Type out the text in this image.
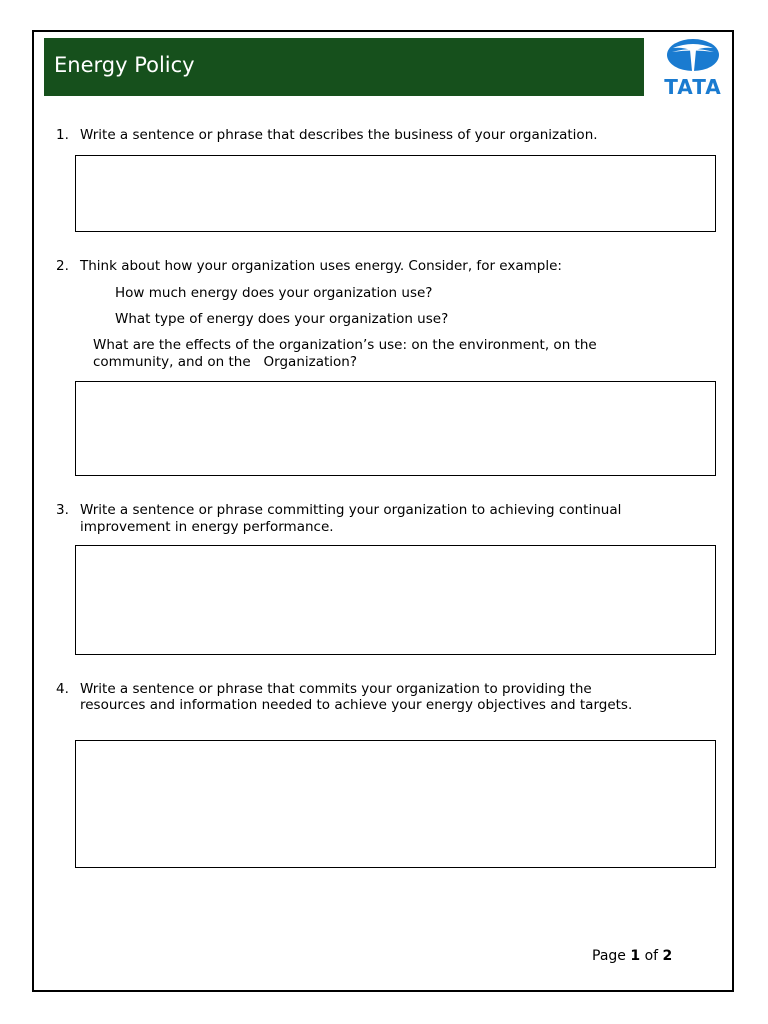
Energy Policy
TATA
1. Write a sentence or phrase that describes the business of your organization.
2. Think about how your organization uses energy. Consider, for example:
How much energy does your organization use?
What type of energy does your organization use?
What are the effects of the organization’s use: on the environment, on the
community, and on the   Organization?
3. Write a sentence or phrase committing your organization to achieving continual
improvement in energy performance.
4. Write a sentence or phrase that commits your organization to providing the
resources and information needed to achieve your energy objectives and targets.
Page 1 of 2
